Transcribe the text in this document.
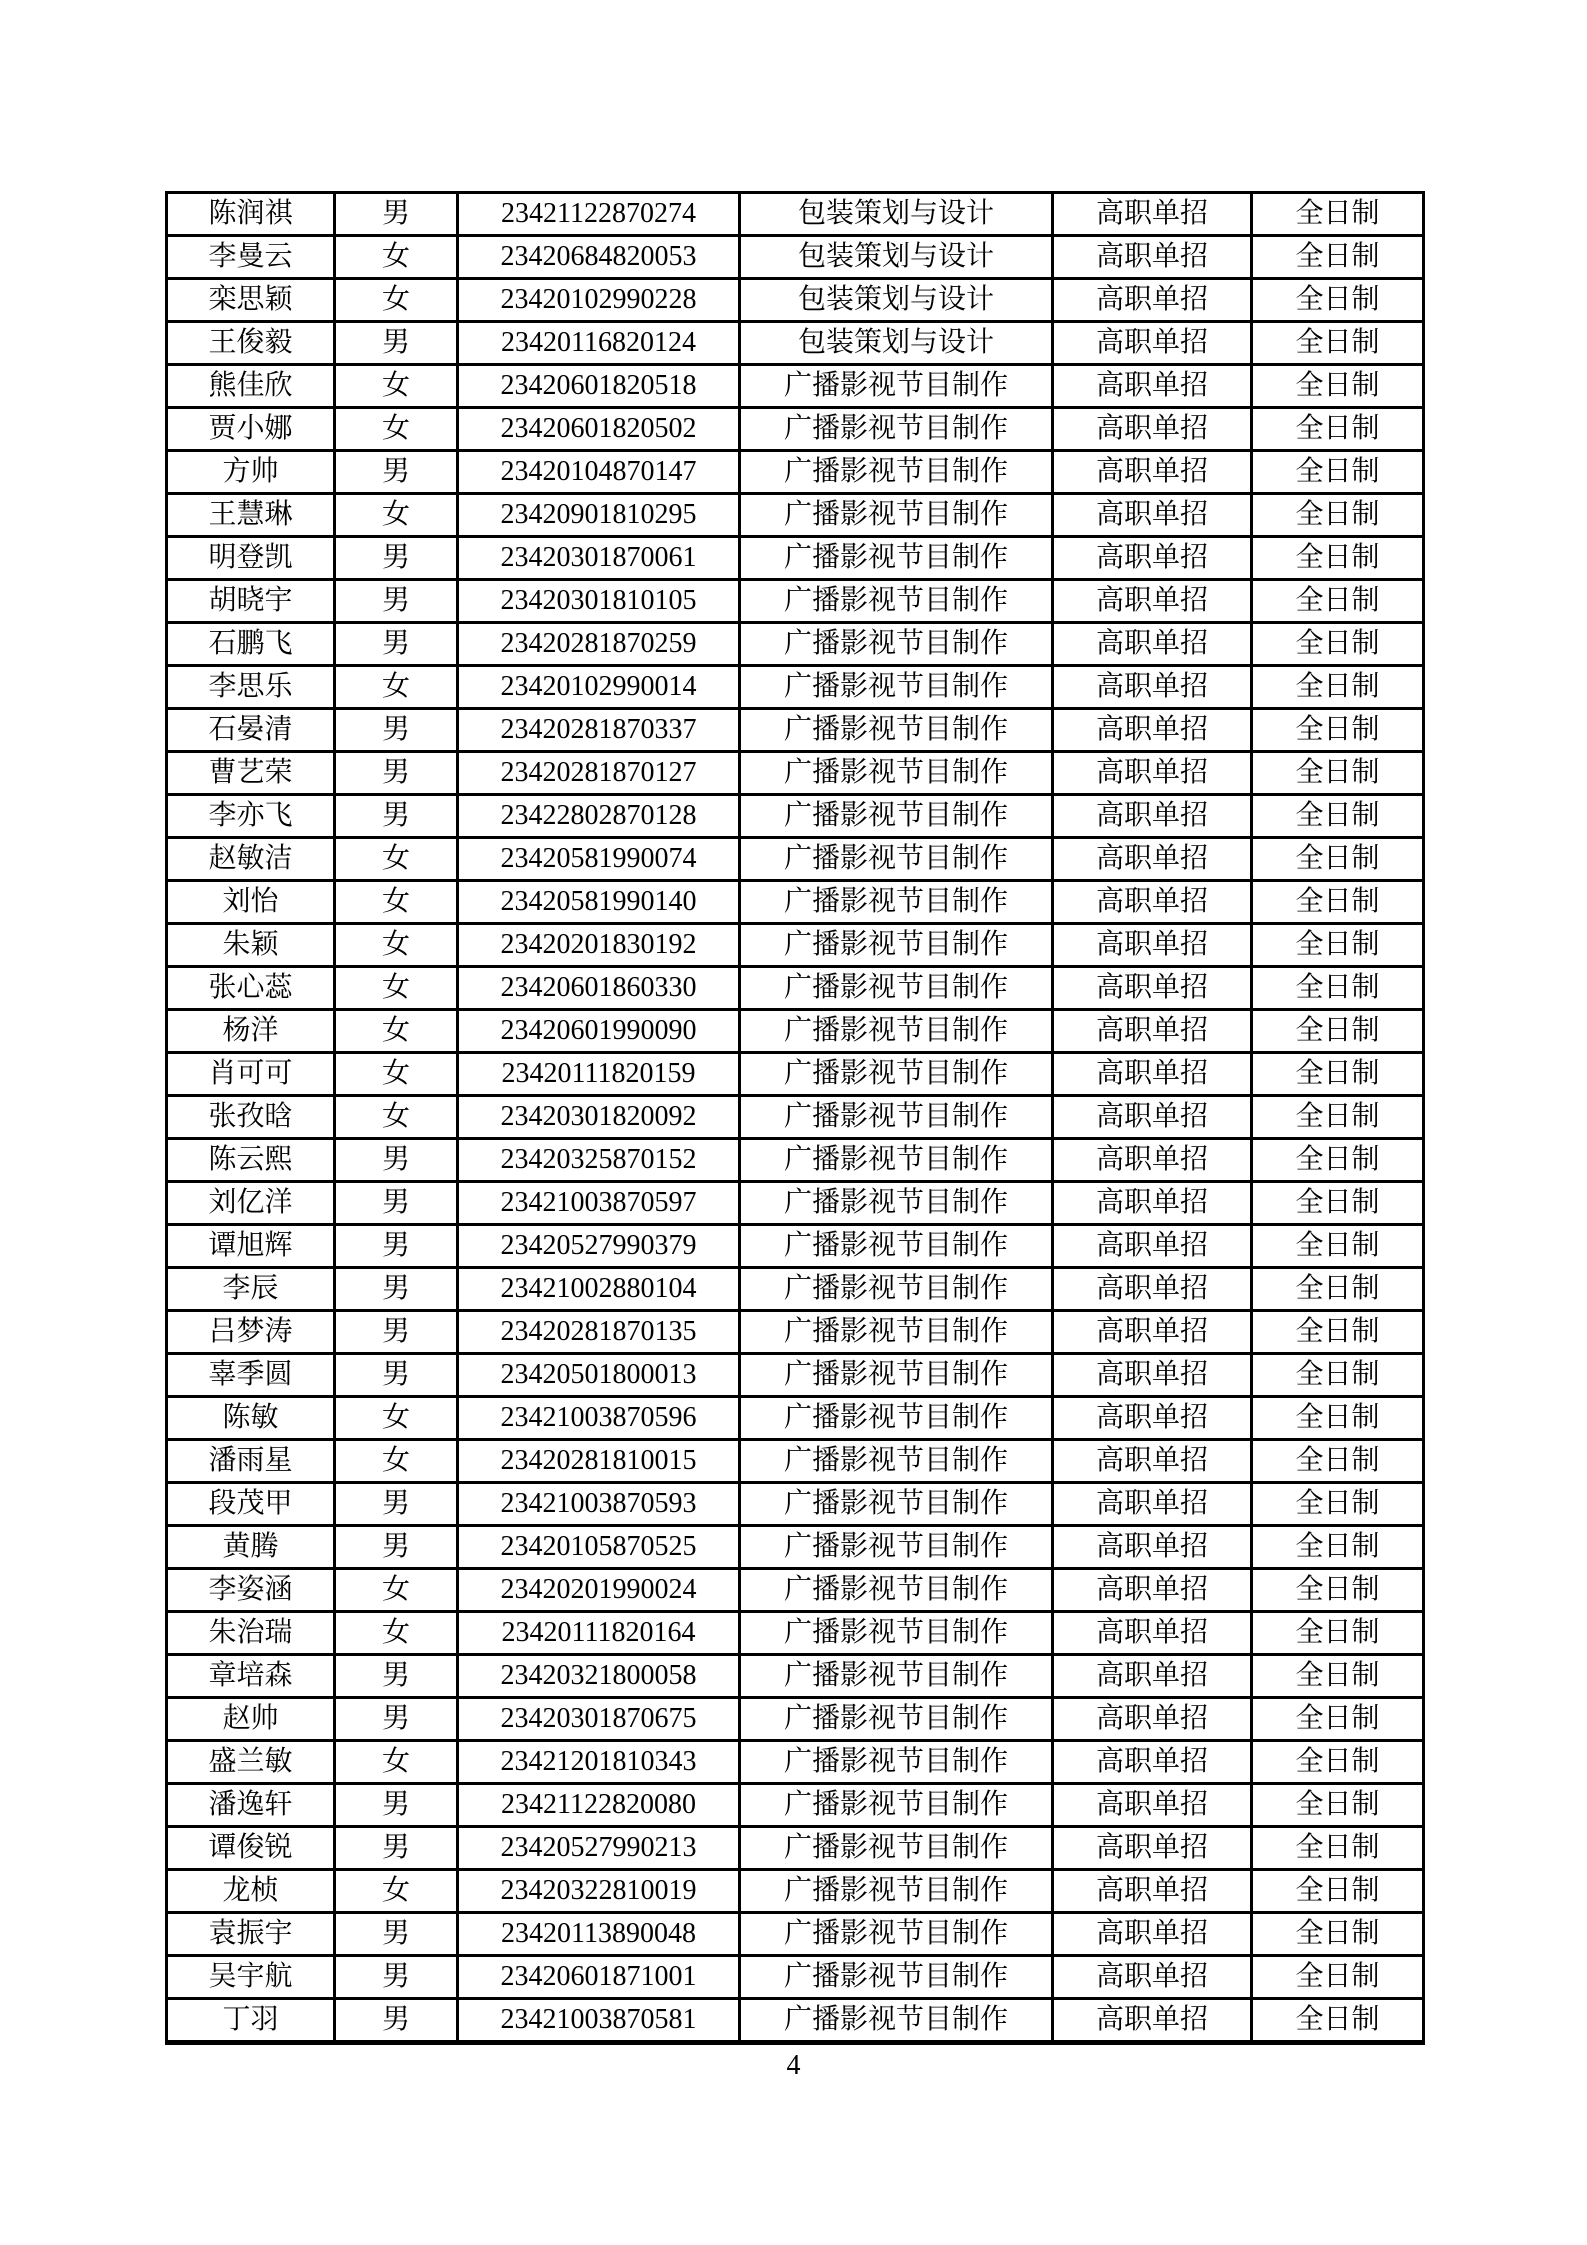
陈润祺	男	23421122870274	包装策划与设计	高职单招	全日制
李曼云	女	23420684820053	包装策划与设计	高职单招	全日制
栾思颖	女	23420102990228	包装策划与设计	高职单招	全日制
王俊毅	男	23420116820124	包装策划与设计	高职单招	全日制
熊佳欣	女	23420601820518	广播影视节目制作	高职单招	全日制
贾小娜	女	23420601820502	广播影视节目制作	高职单招	全日制
方帅	男	23420104870147	广播影视节目制作	高职单招	全日制
王慧琳	女	23420901810295	广播影视节目制作	高职单招	全日制
明登凯	男	23420301870061	广播影视节目制作	高职单招	全日制
胡晓宇	男	23420301810105	广播影视节目制作	高职单招	全日制
石鹏飞	男	23420281870259	广播影视节目制作	高职单招	全日制
李思乐	女	23420102990014	广播影视节目制作	高职单招	全日制
石晏清	男	23420281870337	广播影视节目制作	高职单招	全日制
曹艺荣	男	23420281870127	广播影视节目制作	高职单招	全日制
李亦飞	男	23422802870128	广播影视节目制作	高职单招	全日制
赵敏洁	女	23420581990074	广播影视节目制作	高职单招	全日制
刘怡	女	23420581990140	广播影视节目制作	高职单招	全日制
朱颖	女	23420201830192	广播影视节目制作	高职单招	全日制
张心蕊	女	23420601860330	广播影视节目制作	高职单招	全日制
杨洋	女	23420601990090	广播影视节目制作	高职单招	全日制
肖可可	女	23420111820159	广播影视节目制作	高职单招	全日制
张孜晗	女	23420301820092	广播影视节目制作	高职单招	全日制
陈云熙	男	23420325870152	广播影视节目制作	高职单招	全日制
刘亿洋	男	23421003870597	广播影视节目制作	高职单招	全日制
谭旭辉	男	23420527990379	广播影视节目制作	高职单招	全日制
李辰	男	23421002880104	广播影视节目制作	高职单招	全日制
吕梦涛	男	23420281870135	广播影视节目制作	高职单招	全日制
辜季圆	男	23420501800013	广播影视节目制作	高职单招	全日制
陈敏	女	23421003870596	广播影视节目制作	高职单招	全日制
潘雨星	女	23420281810015	广播影视节目制作	高职单招	全日制
段茂甲	男	23421003870593	广播影视节目制作	高职单招	全日制
黄腾	男	23420105870525	广播影视节目制作	高职单招	全日制
李姿涵	女	23420201990024	广播影视节目制作	高职单招	全日制
朱治瑞	女	23420111820164	广播影视节目制作	高职单招	全日制
章培森	男	23420321800058	广播影视节目制作	高职单招	全日制
赵帅	男	23420301870675	广播影视节目制作	高职单招	全日制
盛兰敏	女	23421201810343	广播影视节目制作	高职单招	全日制
潘逸轩	男	23421122820080	广播影视节目制作	高职单招	全日制
谭俊锐	男	23420527990213	广播影视节目制作	高职单招	全日制
龙桢	女	23420322810019	广播影视节目制作	高职单招	全日制
袁振宇	男	23420113890048	广播影视节目制作	高职单招	全日制
吴宇航	男	23420601871001	广播影视节目制作	高职单招	全日制
丁羽	男	23421003870581	广播影视节目制作	高职单招	全日制
4
